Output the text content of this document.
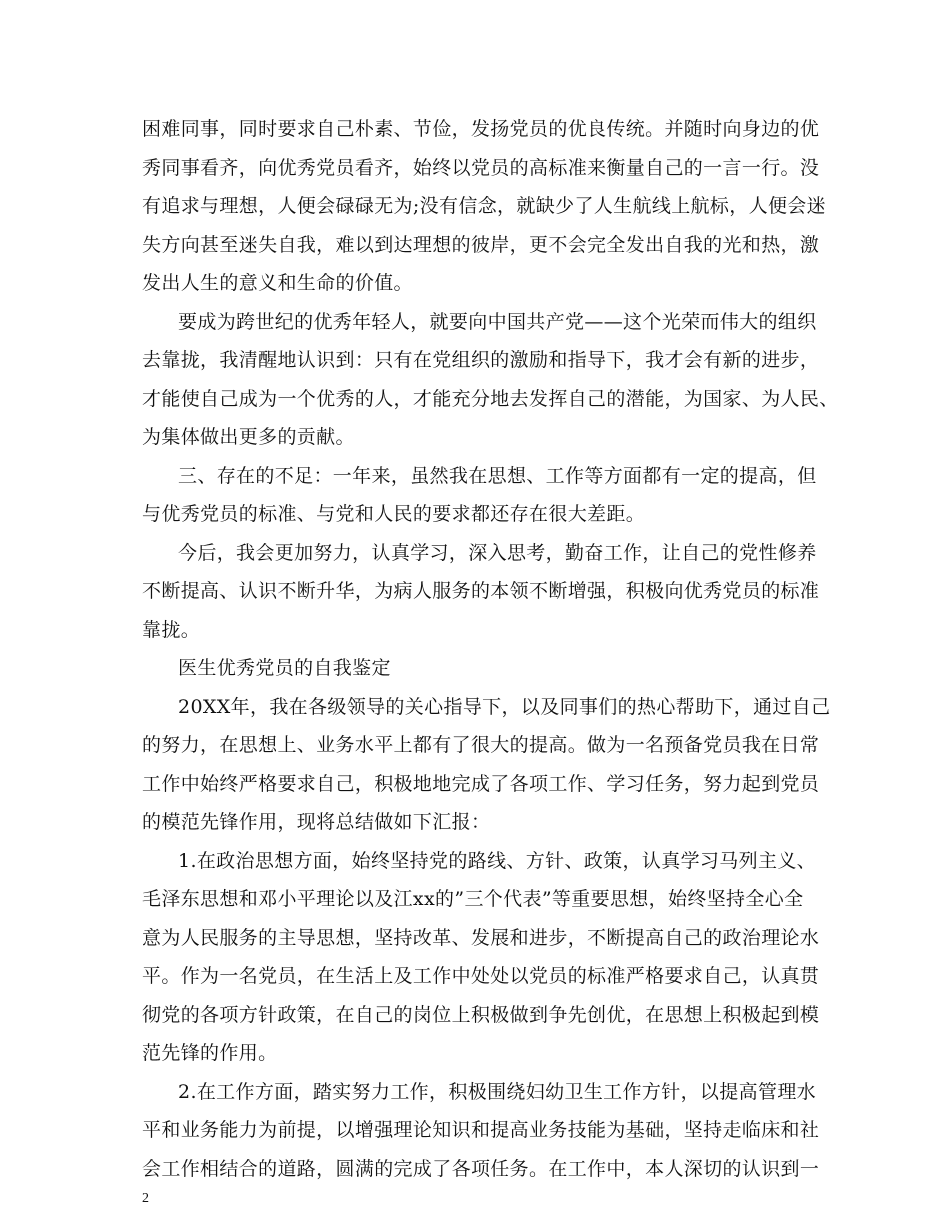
困难同事，同时要求自己朴素、节俭，发扬党员的优良传统。并随时向身边的优
秀同事看齐，向优秀党员看齐，始终以党员的高标准来衡量自己的一言一行。没
有追求与理想，人便会碌碌无为;没有信念，就缺少了人生航线上航标，人便会迷
失方向甚至迷失自我，难以到达理想的彼岸，更不会完全发出自我的光和热，激
发出人生的意义和生命的价值。
要成为跨世纪的优秀年轻人，就要向中国共产党——这个光荣而伟大的组织
去靠拢，我清醒地认识到：只有在党组织的激励和指导下，我才会有新的进步，
才能使自己成为一个优秀的人，才能充分地去发挥自己的潜能，为国家、为人民、
为集体做出更多的贡献。
三、存在的不足：一年来，虽然我在思想、工作等方面都有一定的提高，但
与优秀党员的标准、与党和人民的要求都还存在很大差距。
今后，我会更加努力，认真学习，深入思考，勤奋工作，让自己的党性修养
不断提高、认识不断升华，为病人服务的本领不断增强，积极向优秀党员的标准
靠拢。
医生优秀党员的自我鉴定
20XX年，我在各级领导的关心指导下，以及同事们的热心帮助下，通过自己
的努力，在思想上、业务水平上都有了很大的提高。做为一名预备党员我在日常
工作中始终严格要求自己，积极地地完成了各项工作、学习任务，努力起到党员
的模范先锋作用，现将总结做如下汇报：
1.在政治思想方面，始终坚持党的路线、方针、政策，认真学习马列主义、
毛泽东思想和邓小平理论以及江xx的”三个代表”等重要思想，始终坚持全心全
意为人民服务的主导思想，坚持改革、发展和进步，不断提高自己的政治理论水
平。作为一名党员，在生活上及工作中处处以党员的标准严格要求自己，认真贯
彻党的各项方针政策，在自己的岗位上积极做到争先创优，在思想上积极起到模
范先锋的作用。
2.在工作方面，踏实努力工作，积极围绕妇幼卫生工作方针，以提高管理水
平和业务能力为前提，以增强理论知识和提高业务技能为基础，坚持走临床和社
会工作相结合的道路，圆满的完成了各项任务。在工作中，本人深切的认识到一
2
